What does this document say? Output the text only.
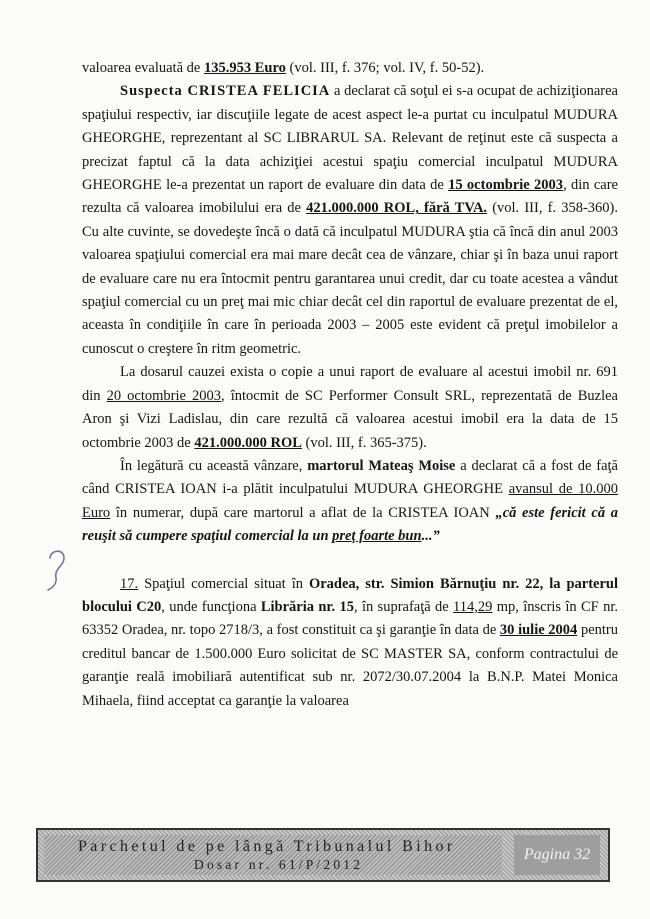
valoarea evaluată de 135.953 Euro (vol. III, f. 376; vol. IV, f. 50-52).

Suspecta CRISTEA FELICIA a declarat că soţul ei s-a ocupat de achiziţionarea spaţiului respectiv, iar discuţiile legate de acest aspect le-a purtat cu inculpatul MUDURA GHEORGHE, reprezentant al SC LIBRARUL SA. Relevant de reţinut este că suspecta a precizat faptul că la data achiziţiei acestui spaţiu comercial inculpatul MUDURA GHEORGHE le-a prezentat un raport de evaluare din data de 15 octombrie 2003, din care rezulta că valoarea imobilului era de 421.000.000 ROL, fără TVA. (vol. III, f. 358-360). Cu alte cuvinte, se dovedeşte încă o dată că inculpatul MUDURA ştia că încă din anul 2003 valoarea spaţiului comercial era mai mare decât cea de vânzare, chiar şi în baza unui raport de evaluare care nu era întocmit pentru garantarea unui credit, dar cu toate acestea a vândut spaţiul comercial cu un preţ mai mic chiar decât cel din raportul de evaluare prezentat de el, aceasta în condiţiile în care în perioada 2003 – 2005 este evident că preţul imobilelor a cunoscut o creştere în ritm geometric.

La dosarul cauzei exista o copie a unui raport de evaluare al acestui imobil nr. 691 din 20 octombrie 2003, întocmit de SC Performer Consult SRL, reprezentată de Buzlea Aron şi Vizi Ladislau, din care rezultă că valoarea acestui imobil era la data de 15 octombrie 2003 de 421.000.000 ROL (vol. III, f. 365-375).

În legătură cu această vânzare, martorul Mateaş Moise a declarat că a fost de faţă când CRISTEA IOAN i-a plătit inculpatului MUDURA GHEORGHE avansul de 10.000 Euro în numerar, după care martorul a aflat de la CRISTEA IOAN „că este fericit că a reuşit să cumpere spaţiul comercial la un preţ foarte bun...”

17. Spaţiul comercial situat în Oradea, str. Simion Bărnuţiu nr. 22, la parterul blocului C20, unde funcţiona Librăria nr. 15, în suprafaţă de 114,29 mp, înscris în CF nr. 63352 Oradea, nr. topo 2718/3, a fost constituit ca şi garanţie în data de 30 iulie 2004 pentru creditul bancar de 1.500.000 Euro solicitat de SC MASTER SA, conform contractului de garanţie reală imobiliară autentificat sub nr. 2072/30.07.2004 la B.N.P. Matei Monica Mihaela, fiind acceptat ca garanţie la valoarea

Parchetul de pe lângă Tribunalul Bihor
Dosar nr. 61/P/2012
Pagina 32
